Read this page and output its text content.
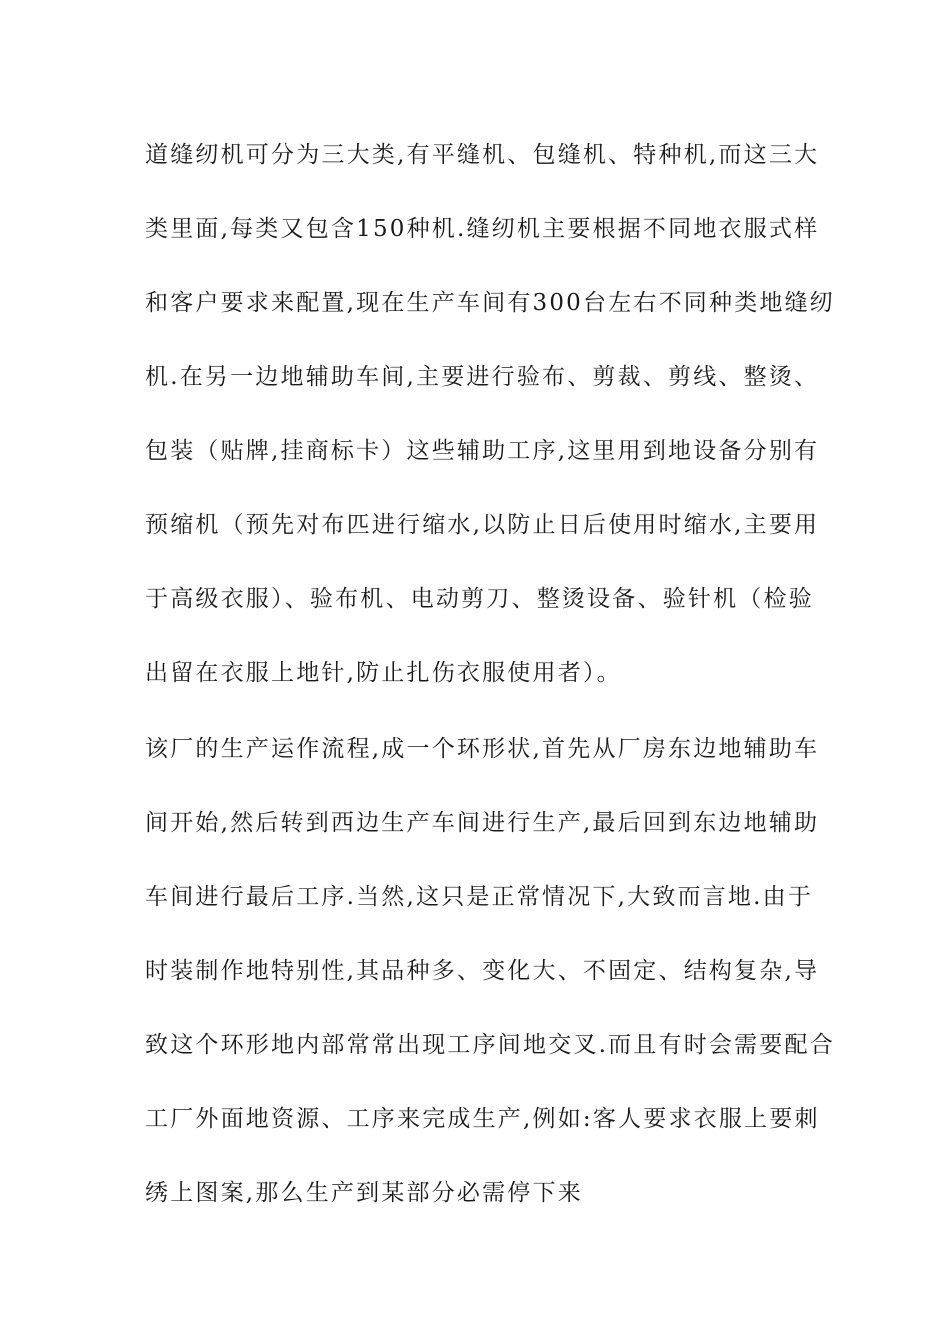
道缝纫机可分为三大类,有平缝机、包缝机、特种机,而这三大
类里面,每类又包含150种机.缝纫机主要根据不同地衣服式样
和客户要求来配置,现在生产车间有300台左右不同种类地缝纫
机.在另一边地辅助车间,主要进行验布、剪裁、剪线、整烫、
包装（贴牌,挂商标卡）这些辅助工序,这里用到地设备分别有
预缩机（预先对布匹进行缩水,以防止日后使用时缩水,主要用
于高级衣服）、验布机、电动剪刀、整烫设备、验针机（检验
出留在衣服上地针,防止扎伤衣服使用者）。
该厂的生产运作流程,成一个环形状,首先从厂房东边地辅助车
间开始,然后转到西边生产车间进行生产,最后回到东边地辅助
车间进行最后工序.当然,这只是正常情况下,大致而言地.由于
时装制作地特别性,其品种多、变化大、不固定、结构复杂,导
致这个环形地内部常常出现工序间地交叉.而且有时会需要配合
工厂外面地资源、工序来完成生产,例如:客人要求衣服上要刺
绣上图案,那么生产到某部分必需停下来
